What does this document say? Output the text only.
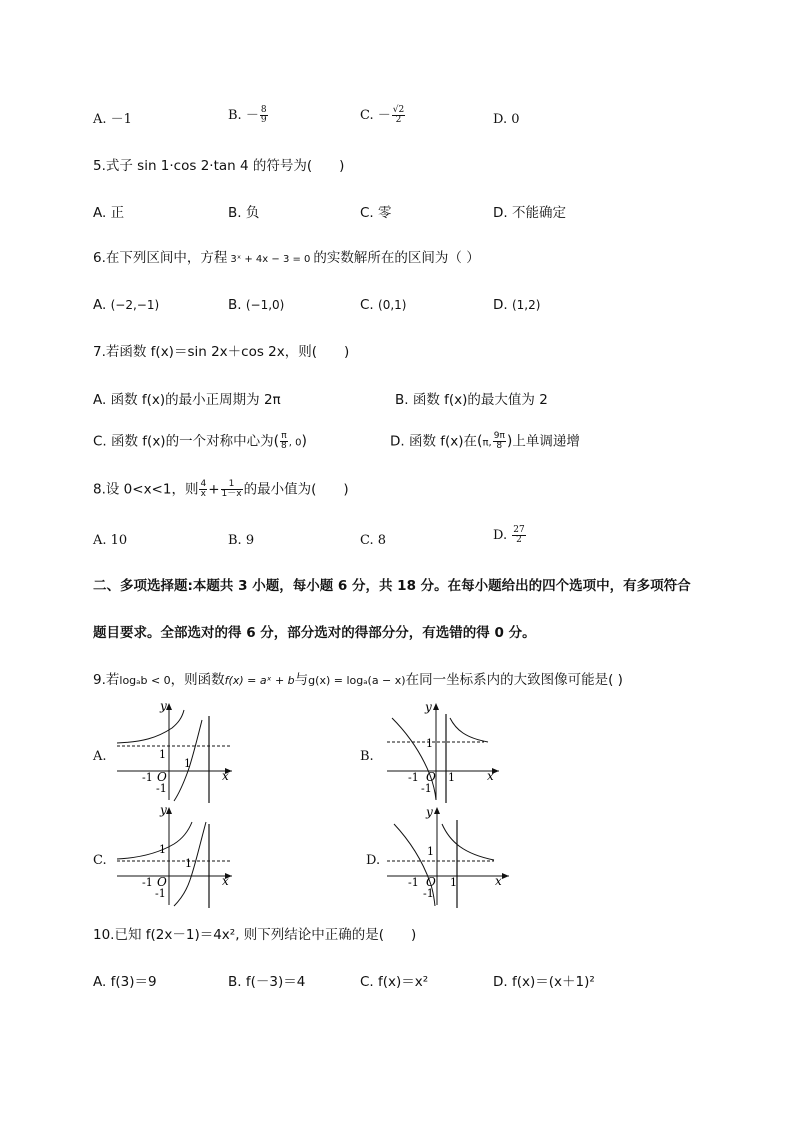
A. －1	B. － $\frac{8}{9}$	C. － $\frac{√2}{2}$	D. 0
5.式子 sin 1·cos 2·tan 4 的符号为(　　)
A. 正	B. 负	C. 零	D. 不能确定
6.在下列区间中，方程 3ˣ + 4x − 3 = 0 的实数解所在的区间为（ ）
A. (−2,−1)	B. (−1,0)	C. (0,1)	D. (1,2)
7.若函数 f(x)＝sin 2x＋cos 2x，则(　　)
A. 函数 f(x)的最小正周期为 2π	B. 函数 f(x)的最大值为 2
C. 函数 f(x)的一个对称中心为( $\frac{\pi}{8}$ , 0)	D. 函数 f(x)在(π, $\frac{9\pi}{8}$ )上单调递增
8.设 0<x<1，则 $\frac{4}{x} + \frac{1}{1-x}$ 的最小值为(　　)
A. 10	B. 9	C. 8	D. $\frac{27}{2}$
二、多项选择题:本题共 3 小题，每小题 6 分，共 18 分。在每小题给出的四个选项中，有多项符合
题目要求。全部选对的得 6 分，部分选对的得部分分，有选错的得 0 分。
9.若logₐb < 0，则函数f(x) = aˣ + b与g(x) = logₐ(a − x)在同一坐标系内的大致图像可能是( )
A.	B.
C.	D.
y
x
1
1
-1 O
-1
y
x
1
1
-1 O
-1
y
x
1
1
-1 O
-1
y
x
1
1
-1 O
-1
10.已知 f(2x－1)＝4x², 则下列结论中正确的是(　　)
A. f(3)＝9	B. f(－3)＝4	C. f(x)＝x²	D. f(x)＝(x＋1)²
